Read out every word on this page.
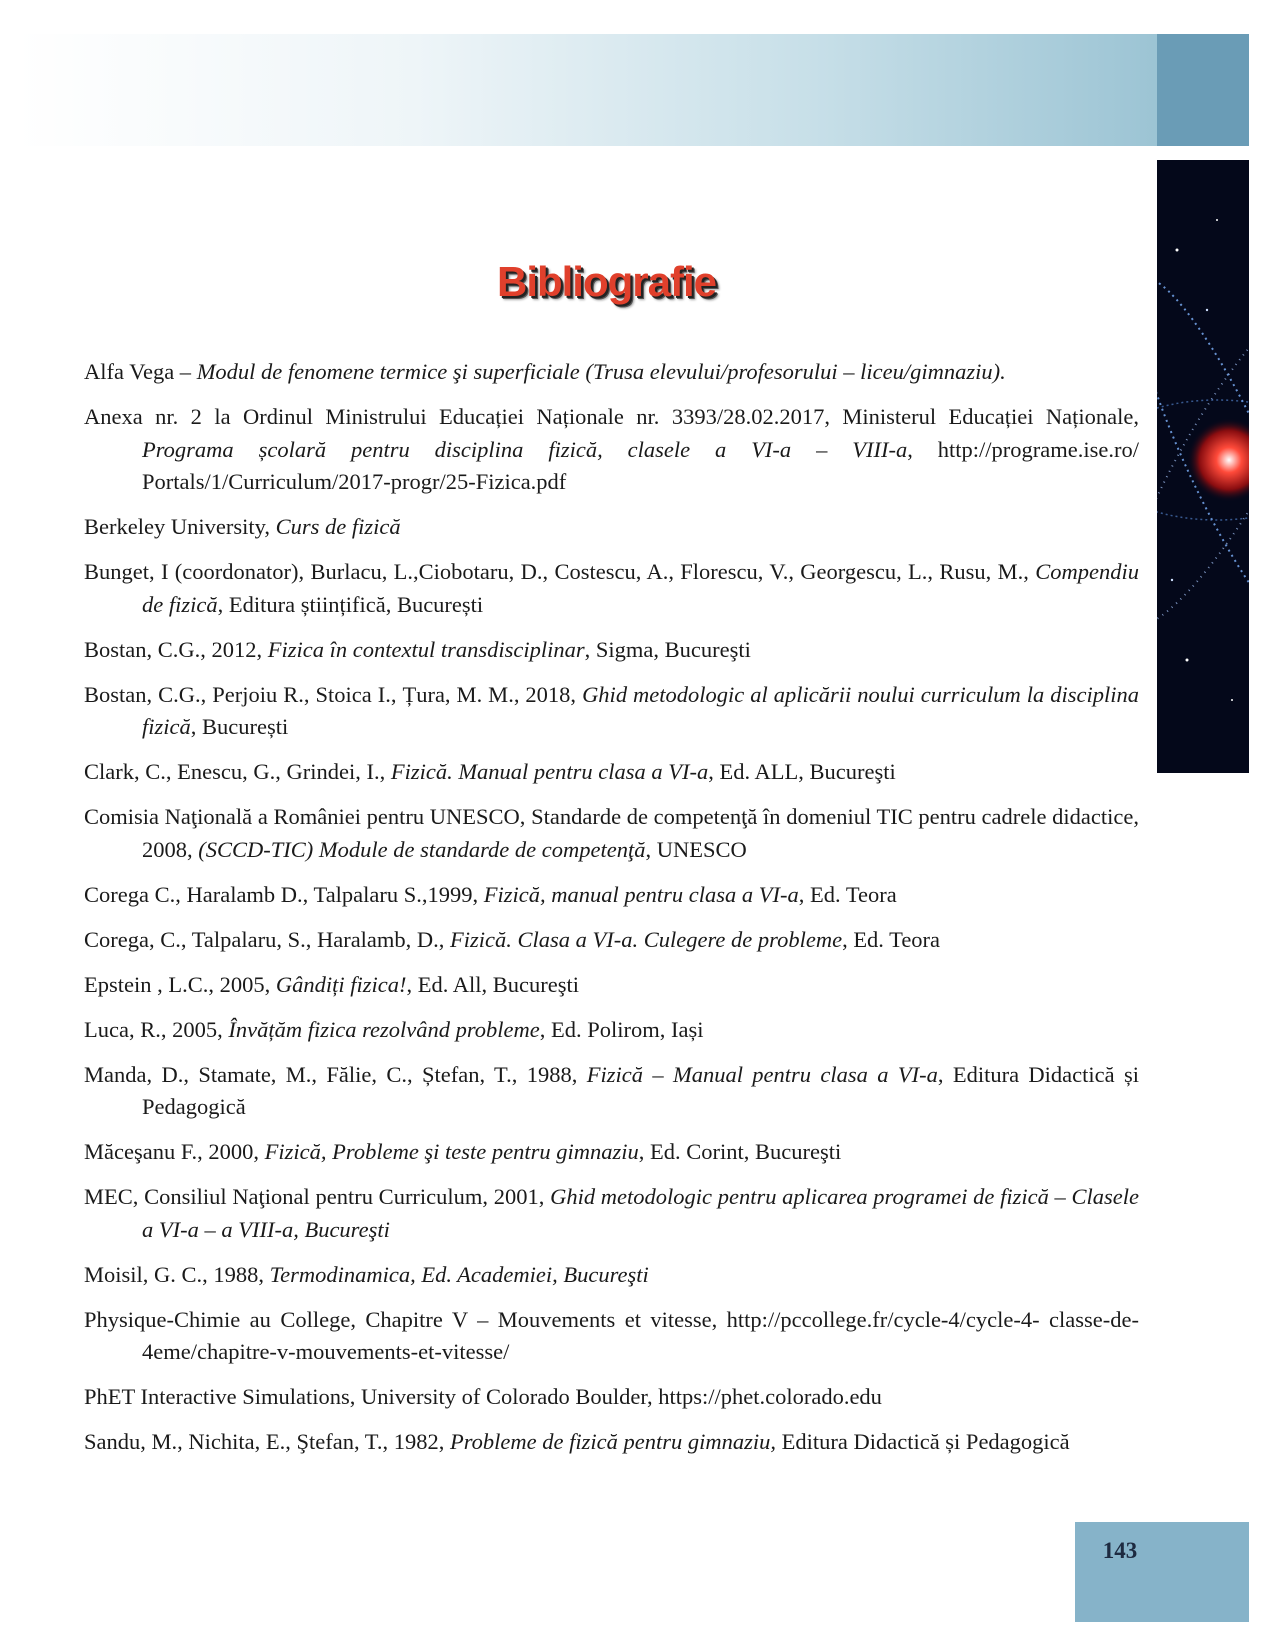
Bibliografie

Alfa Vega – Modul de fenomene termice şi superficiale (Trusa elevului/profesorului – liceu/gimnaziu).

Anexa nr. 2 la Ordinul Ministrului Educației Naționale nr. 3393/28.02.2017, Ministerul Educației Naționale, Programa școlară pentru disciplina fizică, clasele a VI-a – VIII-a, http://programe.ise.ro/ Portals/1/Curriculum/2017-progr/25-Fizica.pdf

Berkeley University, Curs de fizică

Bunget, I (coordonator), Burlacu, L.,Ciobotaru, D., Costescu, A., Florescu, V., Georgescu, L., Rusu, M., Compendiu de fizică, Editura științifică, București

Bostan, C.G., 2012, Fizica în contextul transdisciplinar, Sigma, Bucureşti

Bostan, C.G., Perjoiu R., Stoica I., Țura, M. M., 2018, Ghid metodologic al aplicării noului curriculum la disciplina fizică, București

Clark, C., Enescu, G., Grindei, I., Fizică. Manual pentru clasa a VI-a, Ed. ALL, Bucureşti

Comisia Naţională a României pentru UNESCO, Standarde de competenţă în domeniul TIC pentru cadrele didactice, 2008, (SCCD-TIC) Module de standarde de competenţă, UNESCO

Corega C., Haralamb D., Talpalaru S.,1999, Fizică, manual pentru clasa a VI-a, Ed. Teora

Corega, C., Talpalaru, S., Haralamb, D., Fizică. Clasa a VI-a. Culegere de probleme, Ed. Teora

Epstein , L.C., 2005, Gândiți fizica!, Ed. All, Bucureşti

Luca, R., 2005, Învățăm fizica rezolvând probleme, Ed. Polirom, Iași

Manda, D., Stamate, M., Fălie, C., Ștefan, T., 1988, Fizică – Manual pentru clasa a VI-a, Editura Didactică și Pedagogică

Măceşanu F., 2000, Fizică, Probleme şi teste pentru gimnaziu, Ed. Corint, Bucureşti

MEC, Consiliul Naţional pentru Curriculum, 2001, Ghid metodologic pentru aplicarea programei de fizică – Clasele a VI-a – a VIII-a, Bucureşti

Moisil, G. C., 1988, Termodinamica, Ed. Academiei, Bucureşti

Physique-Chimie au College, Chapitre V – Mouvements et vitesse, http://pccollege.fr/cycle-4/cycle-4- classe-de-4eme/chapitre-v-mouvements-et-vitesse/

PhET Interactive Simulations, University of Colorado Boulder, https://phet.colorado.edu

Sandu, M., Nichita, E., Ştefan, T., 1982, Probleme de fizică pentru gimnaziu, Editura Didactică și Pedagogică

143
